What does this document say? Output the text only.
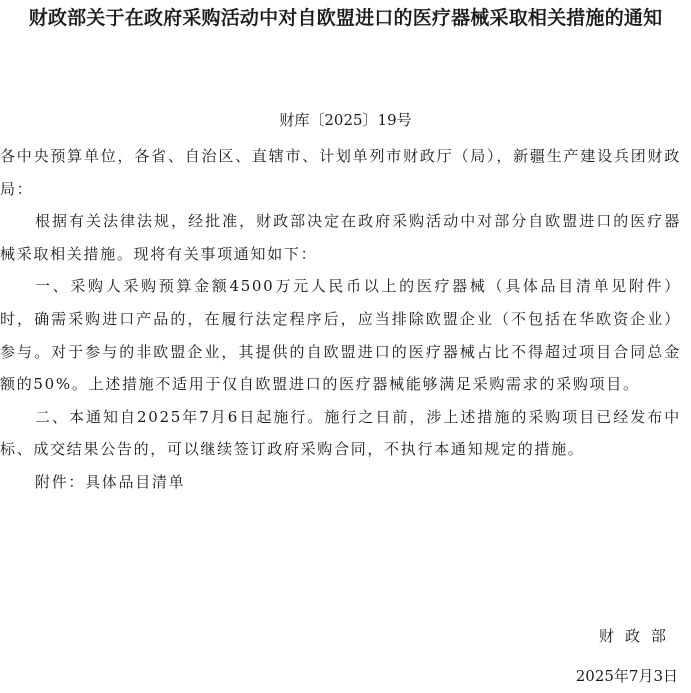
财政部关于在政府采购活动中对自欧盟进口的医疗器械采取相关措施的通知
财库〔2025〕19号

各中央预算单位，各省、自治区、直辖市、计划单列市财政厅（局），新疆生产建设兵团财政局：

根据有关法律法规，经批准，财政部决定在政府采购活动中对部分自欧盟进口的医疗器械采取相关措施。现将有关事项通知如下：

一、采购人采购预算金额4500万元人民币以上的医疗器械（具体品目清单见附件）时，确需采购进口产品的，在履行法定程序后，应当排除欧盟企业（不包括在华欧资企业）参与。对于参与的非欧盟企业，其提供的自欧盟进口的医疗器械占比不得超过项目合同总金额的50%。上述措施不适用于仅自欧盟进口的医疗器械能够满足采购需求的采购项目。

二、本通知自2025年7月6日起施行。施行之日前，涉上述措施的采购项目已经发布中标、成交结果公告的，可以继续签订政府采购合同，不执行本通知规定的措施。

附件：具体品目清单

财政部
2025年7月3日
